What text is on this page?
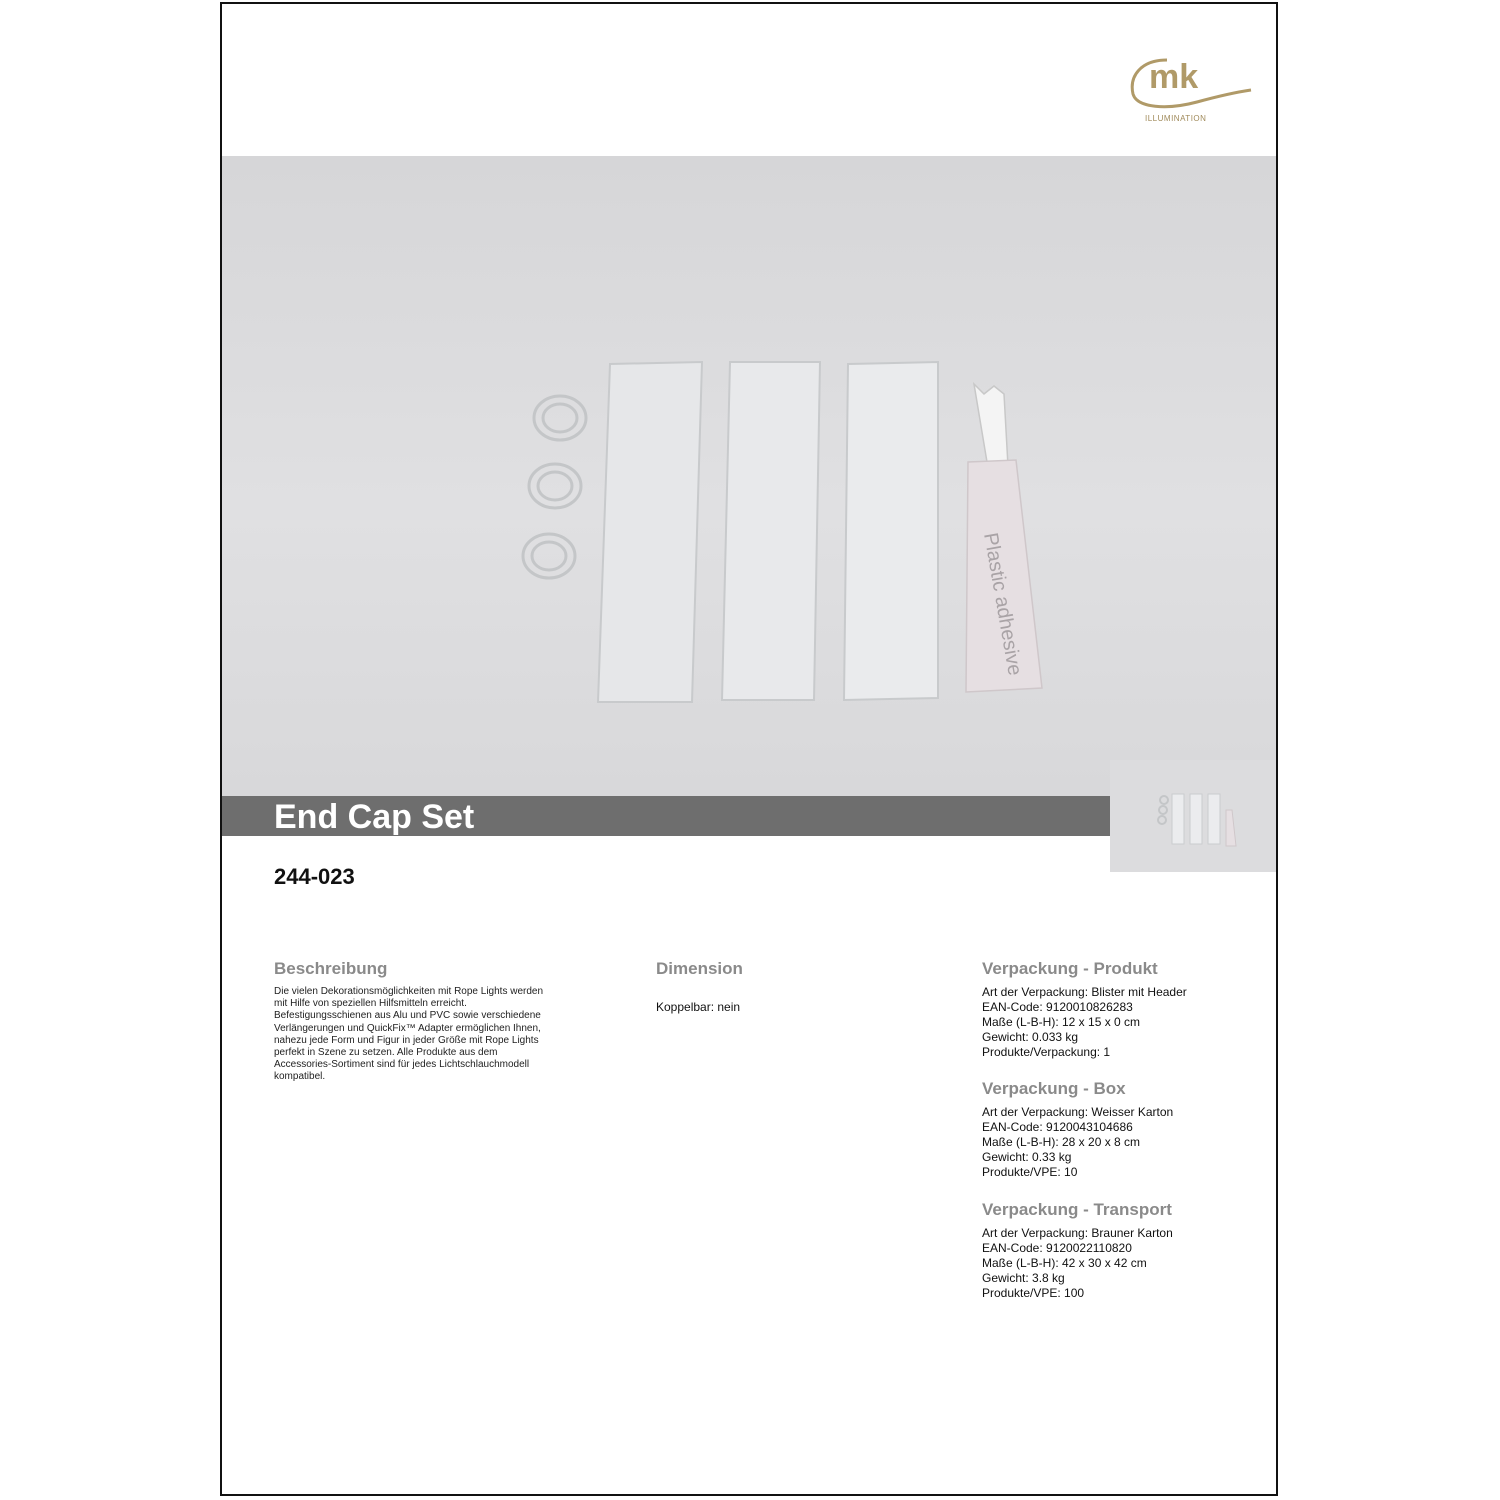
mk
ILLUMINATION
Plastic adhesive
End Cap Set
244-023
Beschreibung
Die vielen Dekorationsmöglichkeiten mit Rope Lights werden
mit Hilfe von speziellen Hilfsmitteln erreicht.
Befestigungsschienen aus Alu und PVC sowie verschiedene
Verlängerungen und QuickFix™ Adapter ermöglichen Ihnen,
nahezu jede Form und Figur in jeder Größe mit Rope Lights
perfekt in Szene zu setzen. Alle Produkte aus dem
Accessories-Sortiment sind für jedes Lichtschlauchmodell
kompatibel.
Dimension
Koppelbar: nein
Verpackung - Produkt
Art der Verpackung: Blister mit Header
EAN-Code: 9120010826283
Maße (L-B-H): 12 x 15 x 0 cm
Gewicht: 0.033 kg
Produkte/Verpackung: 1
Verpackung - Box
Art der Verpackung: Weisser Karton
EAN-Code: 9120043104686
Maße (L-B-H): 28 x 20 x 8 cm
Gewicht: 0.33 kg
Produkte/VPE: 10
Verpackung - Transport
Art der Verpackung: Brauner Karton
EAN-Code: 9120022110820
Maße (L-B-H): 42 x 30 x 42 cm
Gewicht: 3.8 kg
Produkte/VPE: 100
